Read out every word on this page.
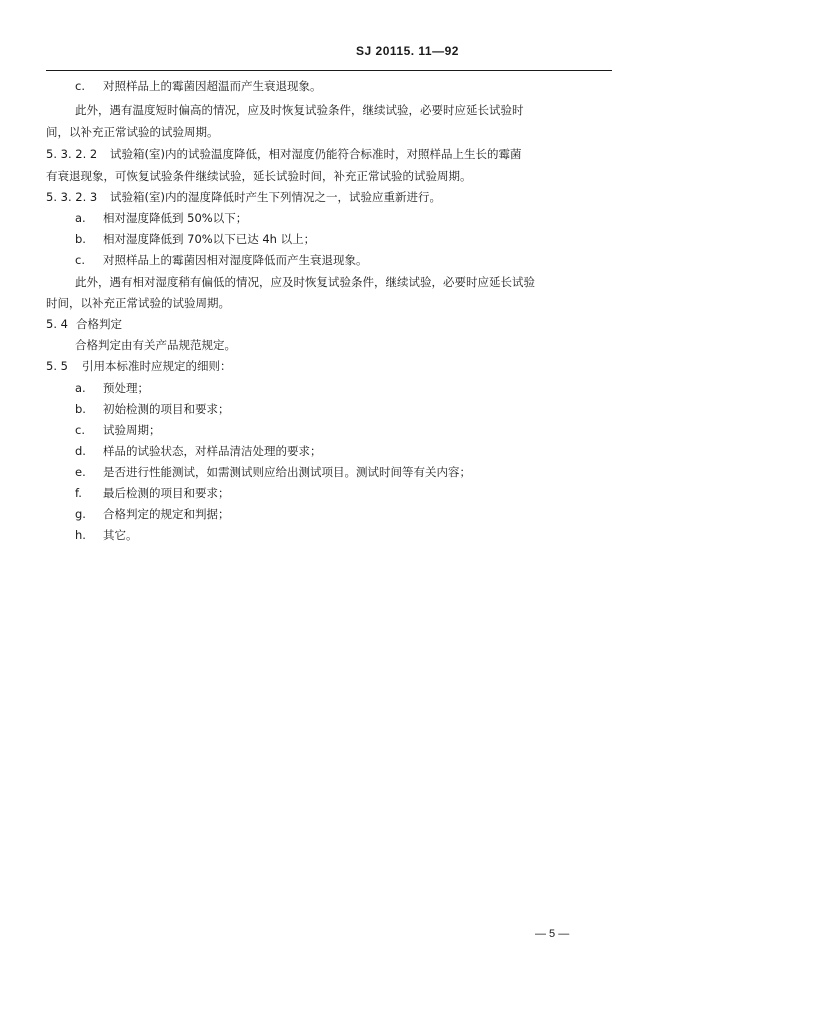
SJ 20115. 11—92
c. 对照样品上的霉菌因超温而产生衰退现象。
此外，遇有温度短时偏高的情况，应及时恢复试验条件，继续试验，必要时应延长试验时
间，以补充正常试验的试验周期。
5. 3. 2. 2 试验箱(室)内的试验温度降低，相对湿度仍能符合标准时，对照样品上生长的霉菌
有衰退现象，可恢复试验条件继续试验，延长试验时间，补充正常试验的试验周期。
5. 3. 2. 3 试验箱(室)内的湿度降低时产生下列情况之一，试验应重新进行。
a. 相对湿度降低到 50%以下；
b. 相对湿度降低到 70%以下已达 4h 以上；
c. 对照样品上的霉菌因相对湿度降低而产生衰退现象。
此外，遇有相对湿度稍有偏低的情况，应及时恢复试验条件，继续试验，必要时应延长试验
时间，以补充正常试验的试验周期。
5. 4 合格判定
合格判定由有关产品规范规定。
5. 5 引用本标准时应规定的细则：
a. 预处理；
b. 初始检测的项目和要求；
c. 试验周期；
d. 样品的试验状态，对样品清洁处理的要求；
e. 是否进行性能测试，如需测试则应给出测试项目。测试时间等有关内容；
f. 最后检测的项目和要求；
g. 合格判定的规定和判据；
h. 其它。
— 5 —
